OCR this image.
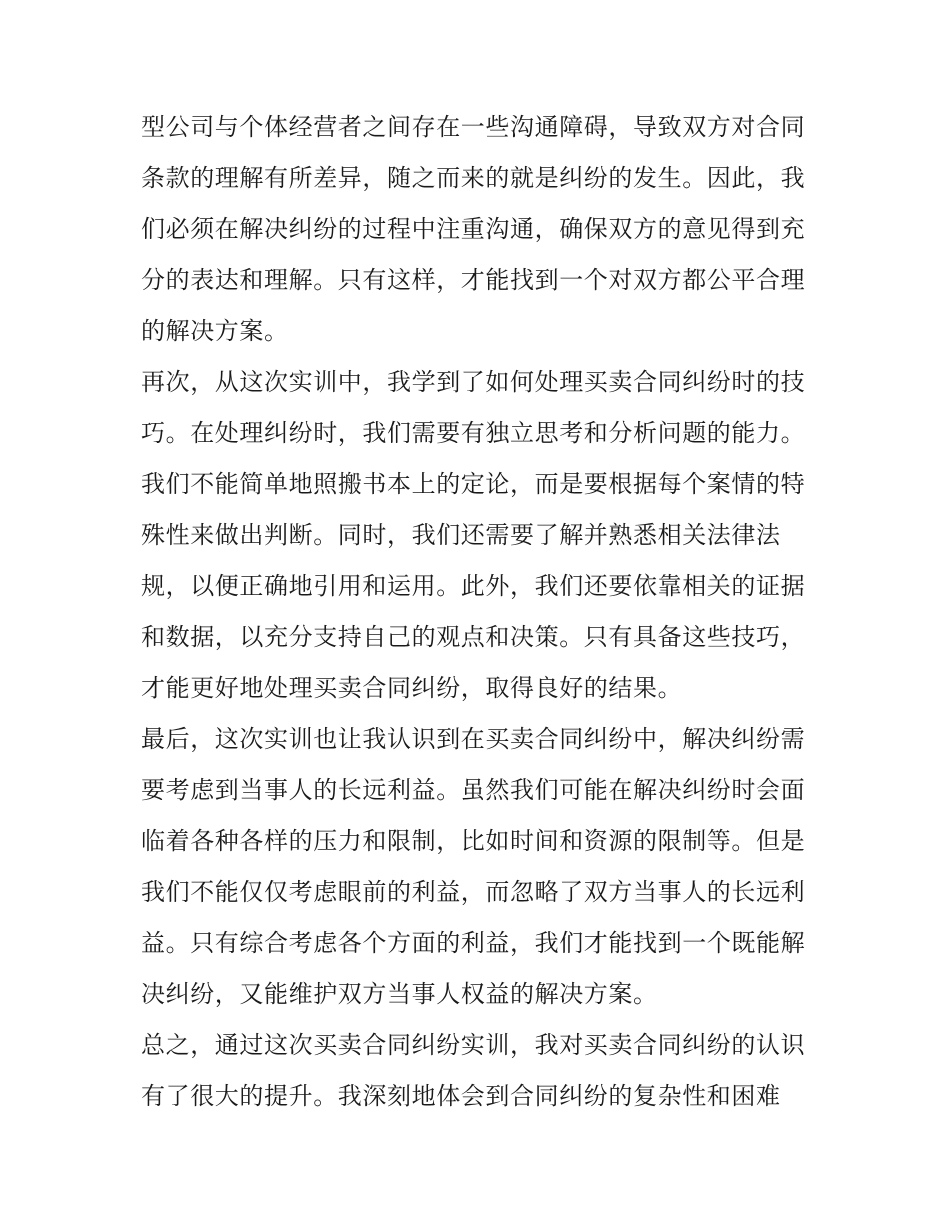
型公司与个体经营者之间存在一些沟通障碍，导致双方对合同
条款的理解有所差异，随之而来的就是纠纷的发生。因此，我
们必须在解决纠纷的过程中注重沟通，确保双方的意见得到充
分的表达和理解。只有这样，才能找到一个对双方都公平合理
的解决方案。
再次，从这次实训中，我学到了如何处理买卖合同纠纷时的技
巧。在处理纠纷时，我们需要有独立思考和分析问题的能力。
我们不能简单地照搬书本上的定论，而是要根据每个案情的特
殊性来做出判断。同时，我们还需要了解并熟悉相关法律法
规，以便正确地引用和运用。此外，我们还要依靠相关的证据
和数据，以充分支持自己的观点和决策。只有具备这些技巧，
才能更好地处理买卖合同纠纷，取得良好的结果。
最后，这次实训也让我认识到在买卖合同纠纷中，解决纠纷需
要考虑到当事人的长远利益。虽然我们可能在解决纠纷时会面
临着各种各样的压力和限制，比如时间和资源的限制等。但是
我们不能仅仅考虑眼前的利益，而忽略了双方当事人的长远利
益。只有综合考虑各个方面的利益，我们才能找到一个既能解
决纠纷，又能维护双方当事人权益的解决方案。
总之，通过这次买卖合同纠纷实训，我对买卖合同纠纷的认识
有了很大的提升。我深刻地体会到合同纠纷的复杂性和困难
